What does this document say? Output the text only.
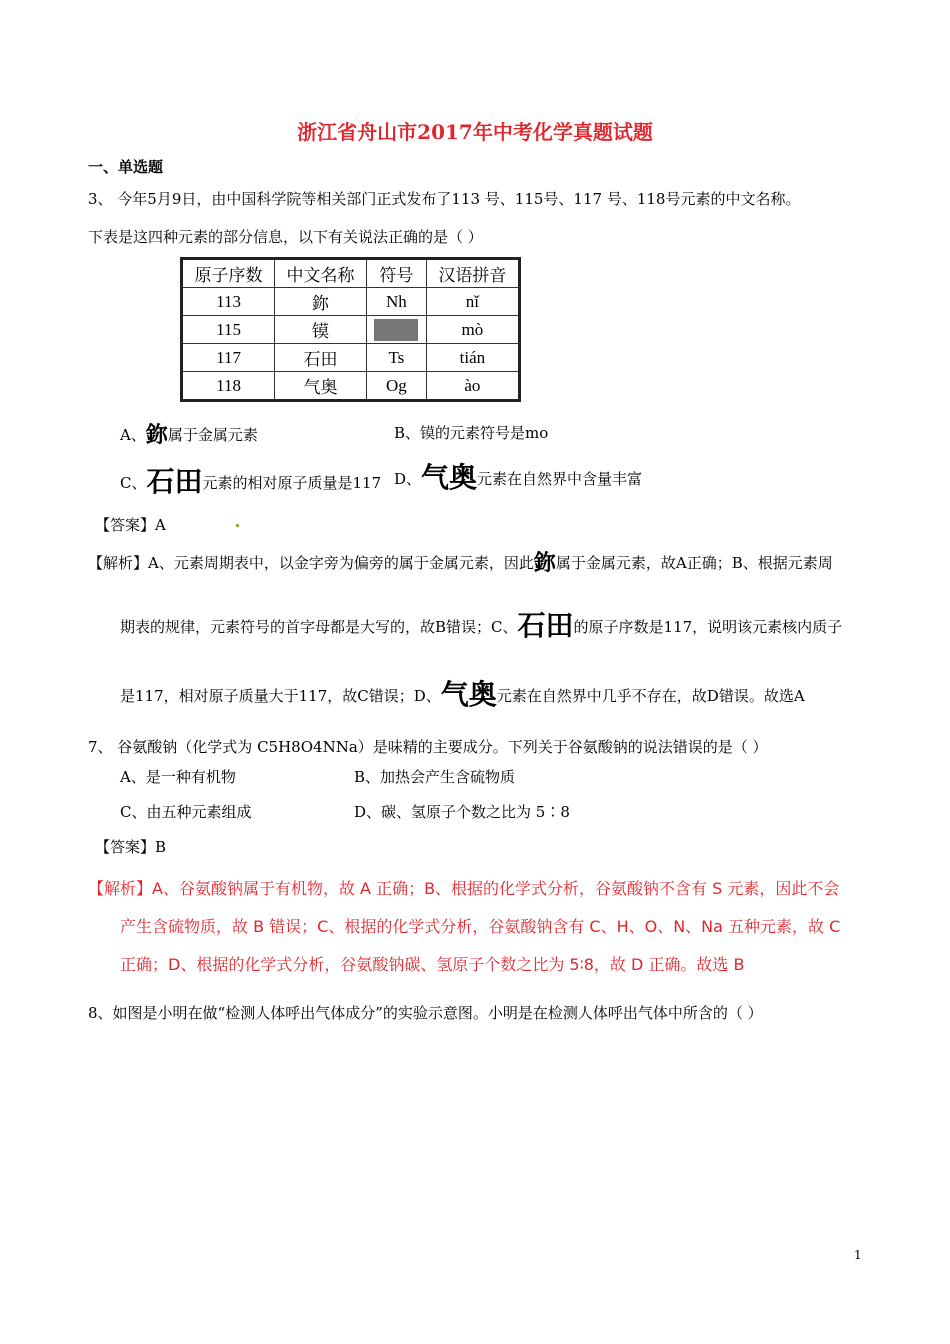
浙江省舟山市2017年中考化学真题试题
一、单选题
3、 今年5月9日，由中国科学院等相关部门正式发布了113 号、115号、117 号、118号元素的中文名称。
下表是这四种元素的部分信息，以下有关说法正确的是（ ）
原子序数	中文名称	符号	汉语拼音
113	鉨	Nh	nǐ
115	镆		mò
117	石田	Ts	tián
118	气奥	Og	ào
A、鉨属于金属元素	B、镆的元素符号是mo
C、石田元素的相对原子质量是117 D、气奥元素在自然界中含量丰富
【答案】A
【解析】A、元素周期表中，以金字旁为偏旁的属于金属元素，因此鉨属于金属元素，故A正确；B、根据元素周
期表的规律，元素符号的首字母都是大写的，故B错误；C、石田的原子序数是117，说明该元素核内质子
是117，相对原子质量大于117，故C错误；D、气奥元素在自然界中几乎不存在，故D错误。故选A
7、 谷氨酸钠（化学式为 C5H8O4NNa）是味精的主要成分。下列关于谷氨酸钠的说法错误的是（ ）
A、是一种有机物	B、加热会产生含硫物质
C、由五种元素组成	D、碳、氢原子个数之比为 5∶8
【答案】B
【解析】A、谷氨酸钠属于有机物，故 A 正确；B、根据的化学式分析，谷氨酸钠不含有 S 元素，因此不会
产生含硫物质，故 B 错误；C、根据的化学式分析，谷氨酸钠含有 C、H、O、N、Na 五种元素，故 C
正确；D、根据的化学式分析，谷氨酸钠碳、氢原子个数之比为 5∶8，故 D 正确。故选 B
8、如图是小明在做“检测人体呼出气体成分”的实验示意图。小明是在检测人体呼出气体中所含的（ ）
1
